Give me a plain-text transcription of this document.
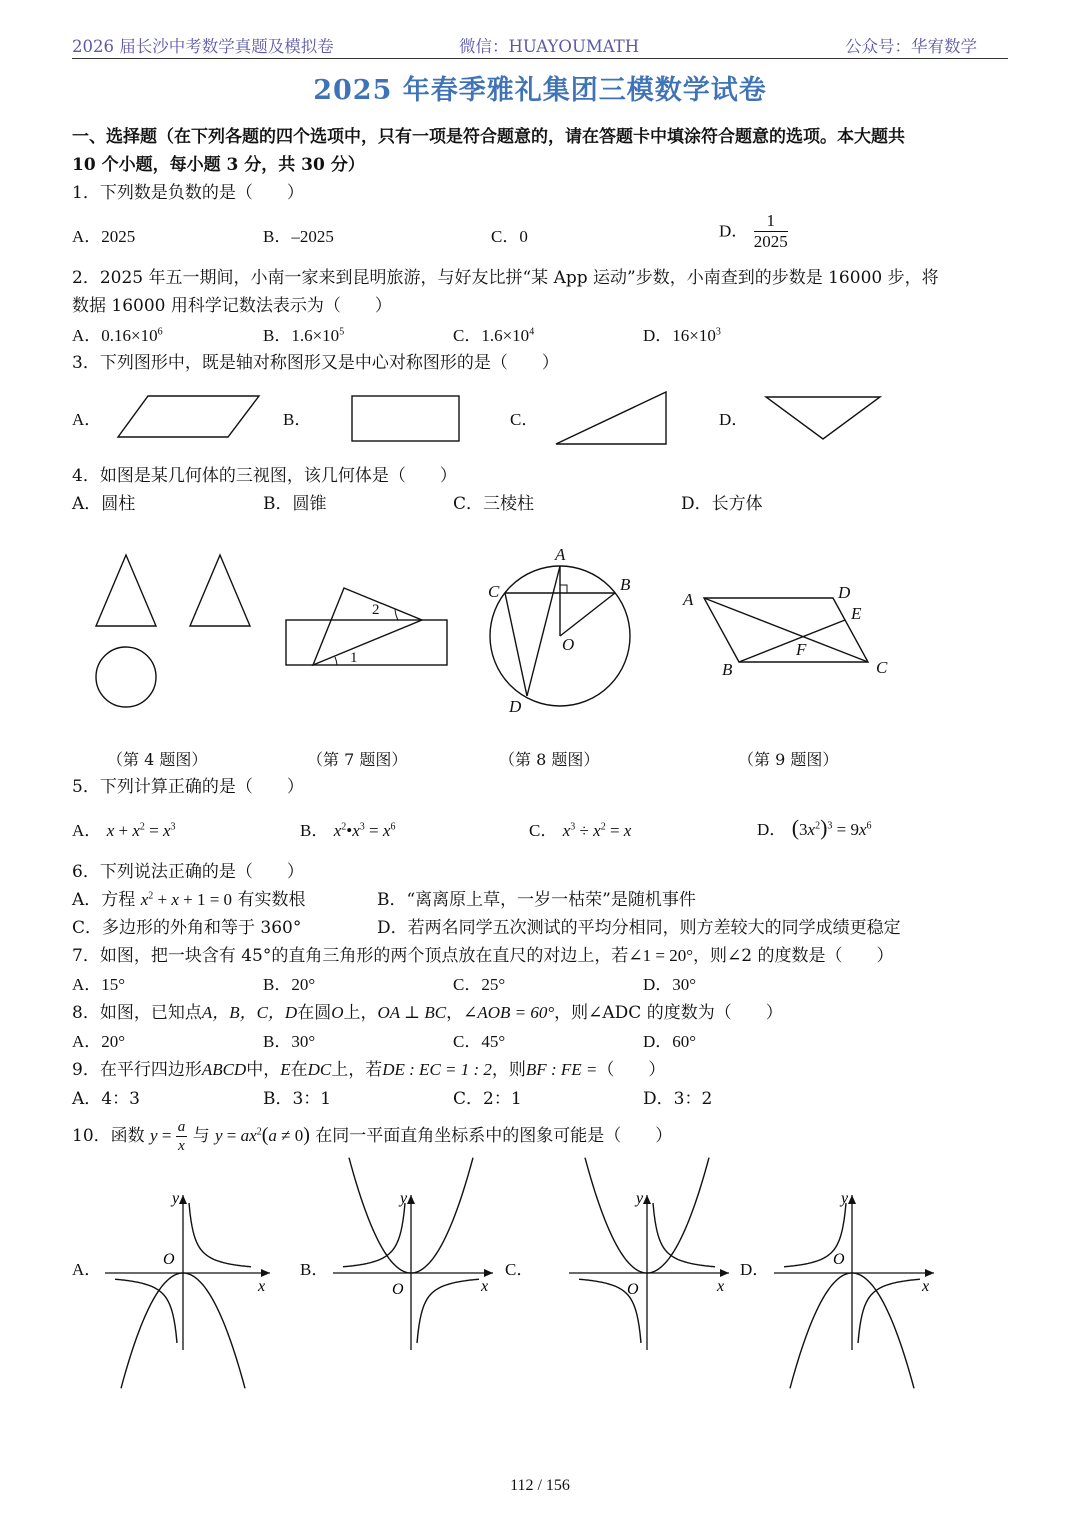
2026 届长沙中考数学真题及模拟卷	微信：HUAYOUMATH	公众号：华宥数学
2025 年春季雅礼集团三模数学试卷
一、选择题（在下列各题的四个选项中，只有一项是符合题意的，请在答题卡中填涂符合题意的选项。本大题共
10 个小题，每小题 3 分，共 30 分）
1．下列数是负数的是（　　）
A．2025	B．–2025	C．0	D． $\frac{1}{2025}$
2．2025 年五一期间，小南一家来到昆明旅游，与好友比拼“某 App 运动”步数，小南查到的步数是 16000 步，将
数据 16000 用科学记数法表示为（　　）
A．$0.16\times 10^6$	B．$1.6\times 10^5$	C．$1.6\times 10^4$	D．$16\times 10^3$
3．下列图形中，既是轴对称图形又是中心对称图形的是（　　）
A．	B．	C．	D．
4．如图是某几何体的三视图，该几何体是（　　）
A．圆柱	B．圆锥	C．三棱柱	D．长方体
2
1
A
B
C
O
D
A	D
E
F
B	C
（第 4 题图）	（第 7 题图）	（第 8 题图）	（第 9 题图）
5．下列计算正确的是（　　）
A． $x + x^2 = x^3$	B． $x^2•x^3 = x^6$	C． $x^3 \div x^2 = x$	D． $(3x^2)^3 = 9x^6$
6．下列说法正确的是（　　）
A．方程 $x^2 + x + 1 = 0$ 有实数根	B．“离离原上草，一岁一枯荣”是随机事件
C．多边形的外角和等于 360°	D．若两名同学五次测试的平均分相同，则方差较大的同学成绩更稳定
7．如图，把一块含有 45°的直角三角形的两个顶点放在直尺的对边上，若∠1 = 20°，则∠2 的度数是（　　）
A．15°	B．20°	C．25°	D．30°
8．如图，已知点A，B，C，D在圆O上，OA ⊥ BC，∠AOB = 60°，则∠ADC 的度数为（　　）
A．20°	B．30°	C．45°	D．60°
9．在平行四边形ABCD中，E在DC上，若DE : EC = 1 : 2，则BF : FE =（　　）
A．4：3	B．3：1	C．2：1	D．3：2
10．函数 $y = \frac{a}{x}$ 与 $y = ax^2(a \ne 0)$ 在同一平面直角坐标系中的图象可能是（　　）
A．	B．	C．	D．
x
y
O
x
y
O	x
y
O	x
y
O
112 / 156
